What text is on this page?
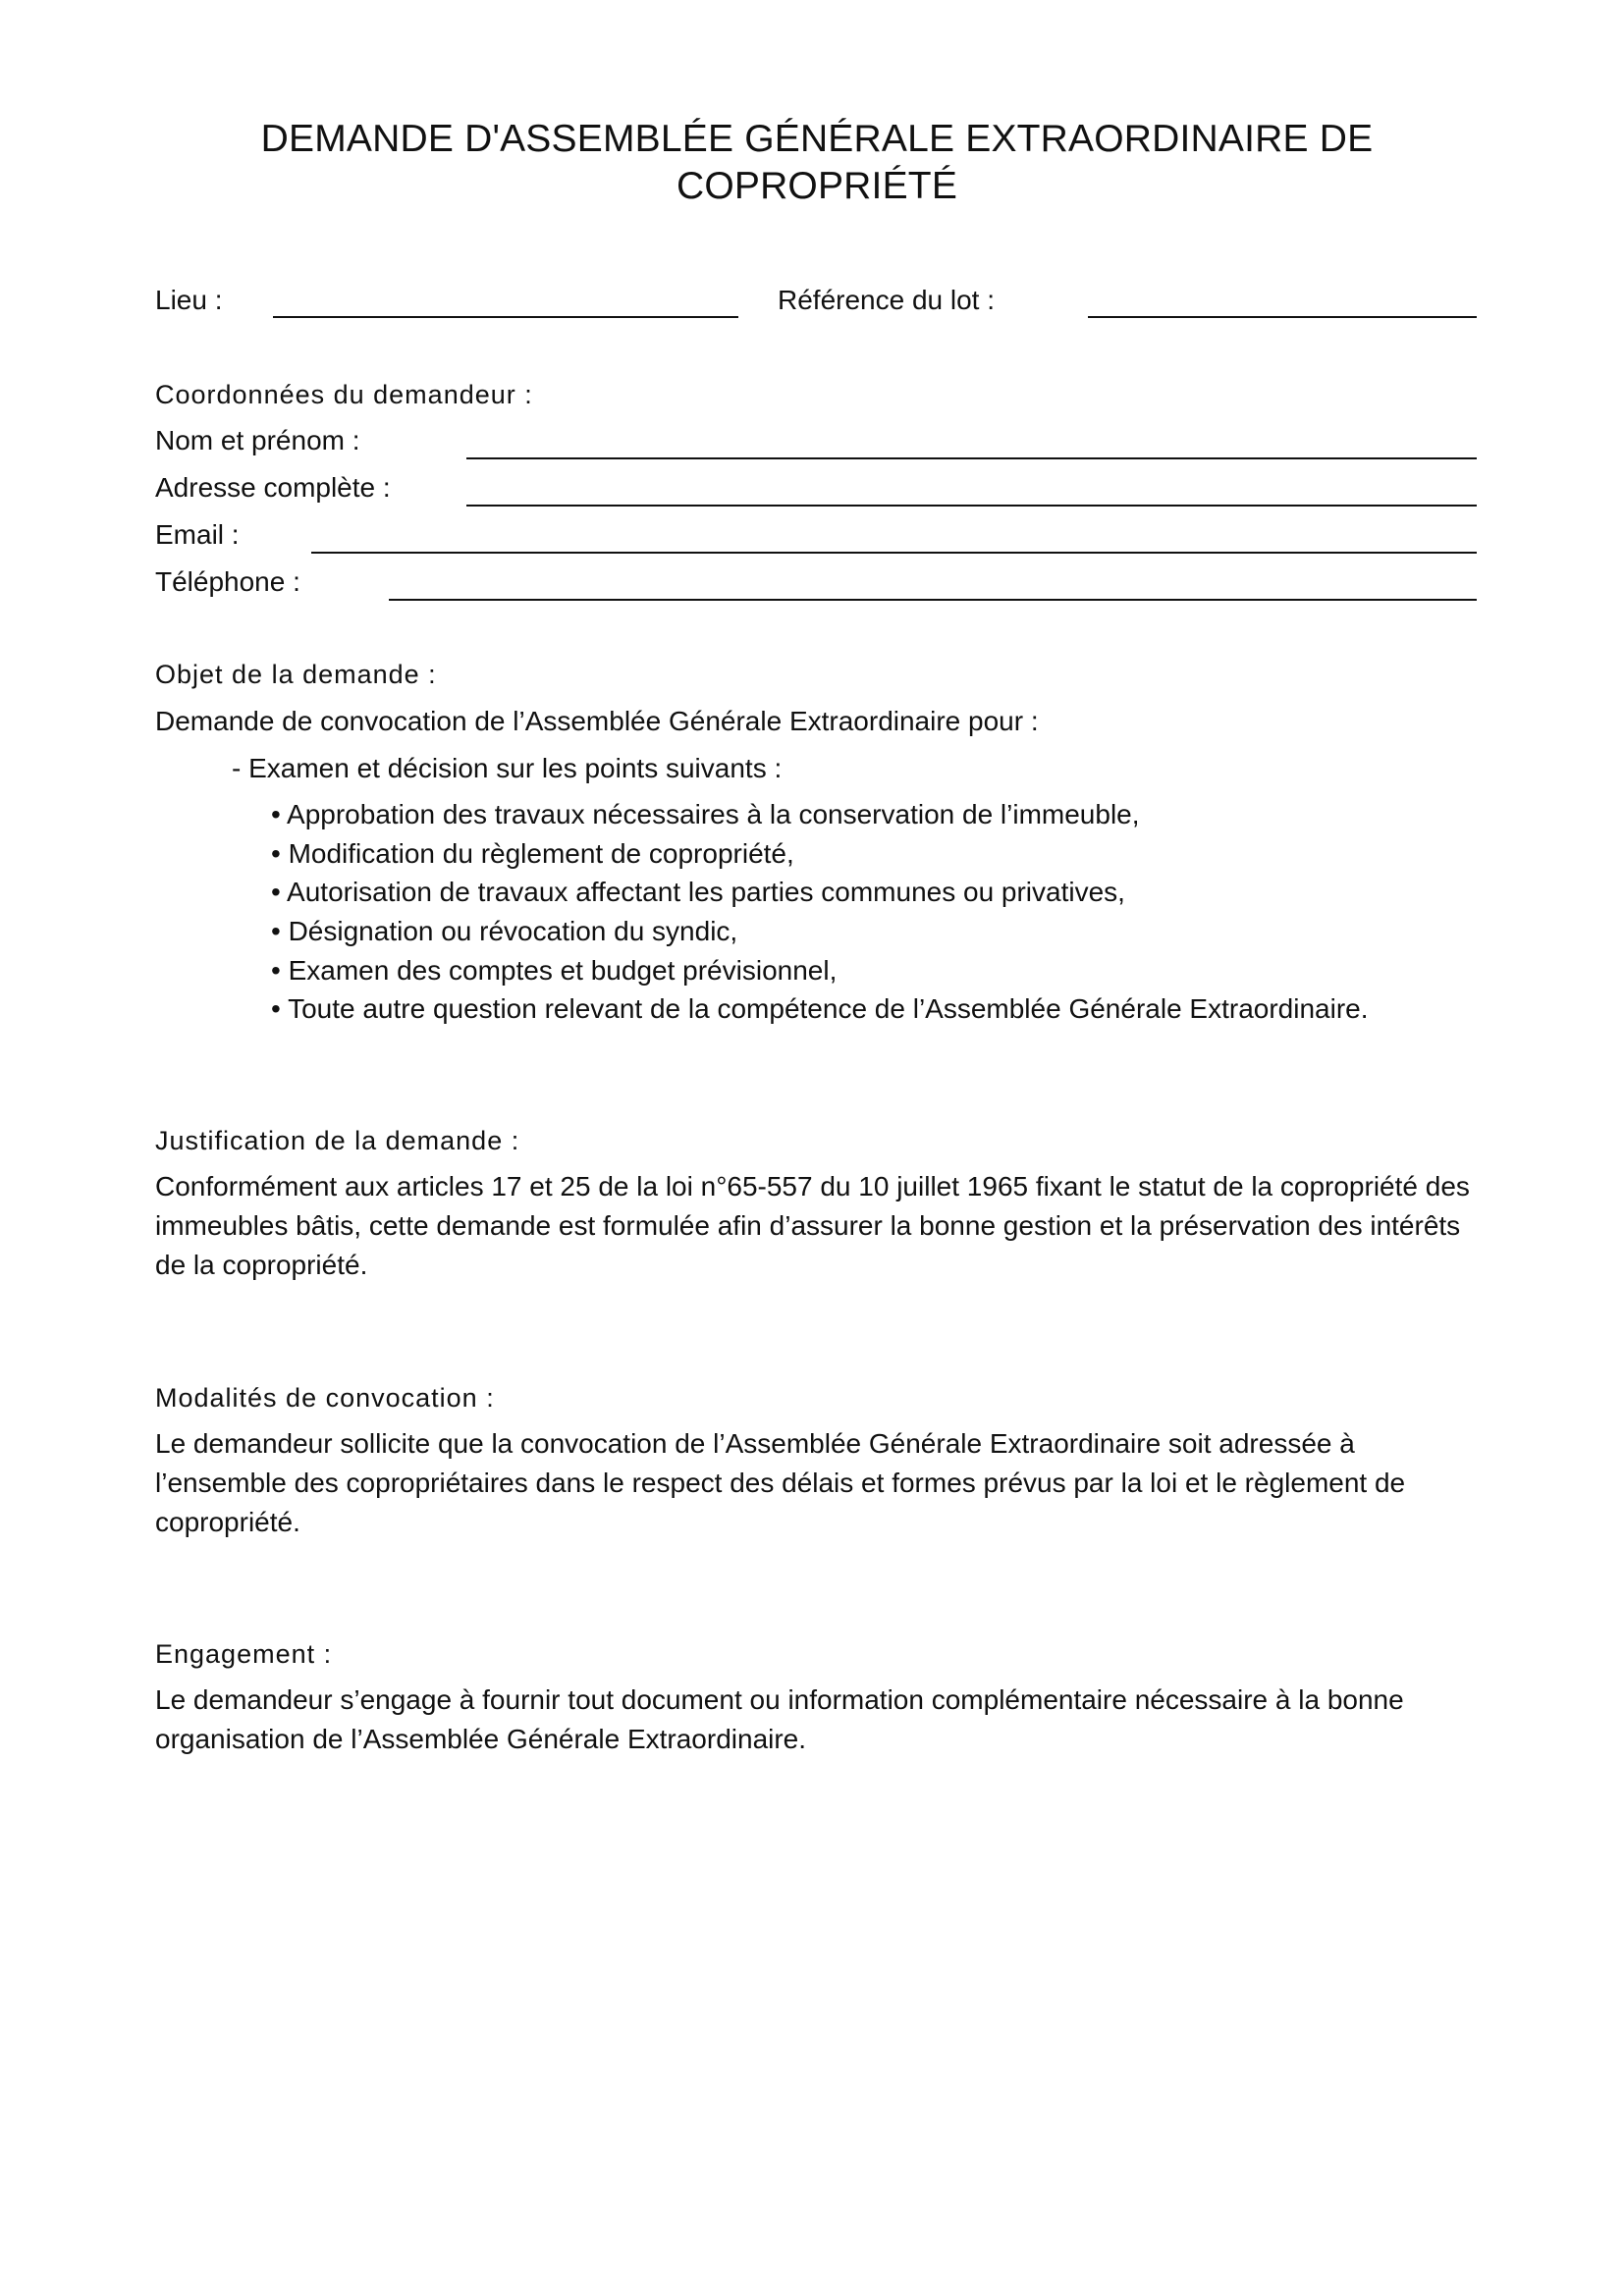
DEMANDE D'ASSEMBLÉE GÉNÉRALE EXTRAORDINAIRE DE
COPROPRIÉTÉ
Lieu :	Référence du lot :
Coordonnées du demandeur :
Nom et prénom :
Adresse complète :
Email :
Téléphone :
Objet de la demande :
Demande de convocation de l’Assemblée Générale Extraordinaire pour :
- Examen et décision sur les points suivants :
• Approbation des travaux nécessaires à la conservation de l’immeuble,
• Modification du règlement de copropriété,
• Autorisation de travaux affectant les parties communes ou privatives,
• Désignation ou révocation du syndic,
• Examen des comptes et budget prévisionnel,
• Toute autre question relevant de la compétence de l’Assemblée Générale Extraordinaire.
Justification de la demande :
Conformément aux articles 17 et 25 de la loi n°65-557 du 10 juillet 1965 fixant le statut de la copropriété des
immeubles bâtis, cette demande est formulée afin d’assurer la bonne gestion et la préservation des intérêts
de la copropriété.
Modalités de convocation :
Le demandeur sollicite que la convocation de l’Assemblée Générale Extraordinaire soit adressée à
l’ensemble des copropriétaires dans le respect des délais et formes prévus par la loi et le règlement de
copropriété.
Engagement :
Le demandeur s’engage à fournir tout document ou information complémentaire nécessaire à la bonne
organisation de l’Assemblée Générale Extraordinaire.
